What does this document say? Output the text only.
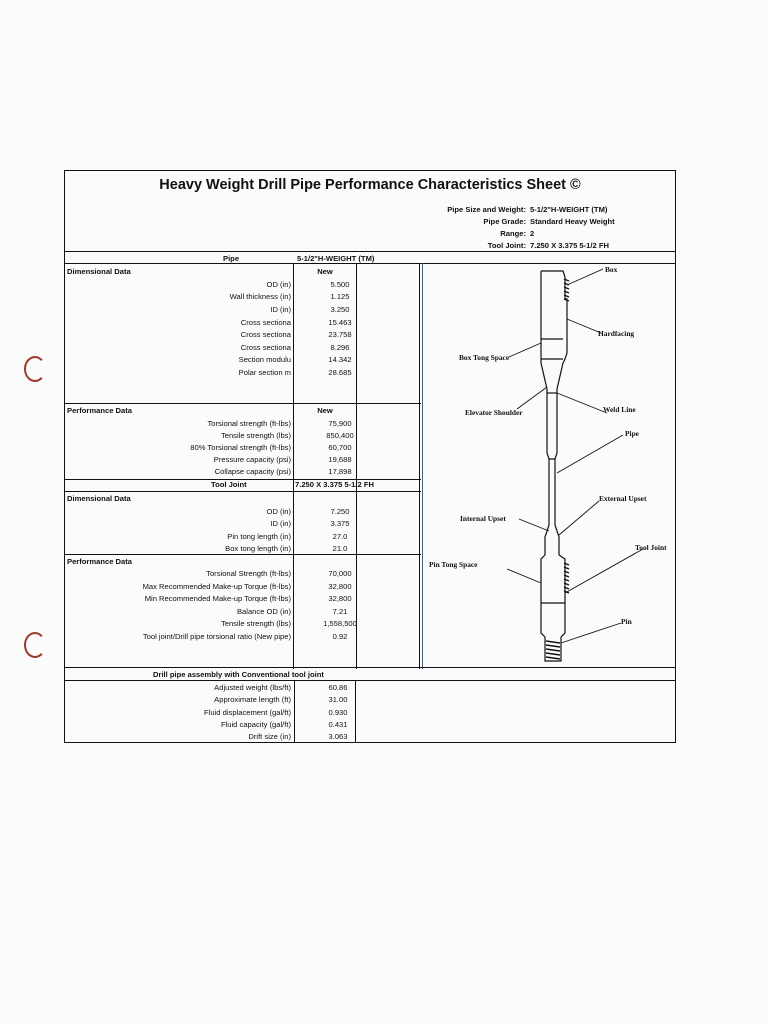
Heavy Weight Drill Pipe Performance Characteristics Sheet ©
Pipe Size and Weight: 5-1/2"H-WEIGHT (TM)
Pipe Grade: Standard Heavy Weight
Range: 2
Tool Joint: 7.250 X 3.375 5-1/2 FH
Pipe	5-1/2"H-WEIGHT (TM)
Dimensional Data	New
OD (in)	5.500
Wall thickness (in)	1.125
ID (in)	3.250
Cross sectiona	15.463
Cross sectiona	23.758
Cross sectiona	8.296
Section modulu	14.342
Polar section m	28.685
Performance Data	New
Torsional strength (ft-lbs)	75,900
Tensile strength (lbs)	850,400
80% Torsional strength (ft-lbs)	60,700
Pressure capacity (psi)	19,688
Collapse capacity (psi)	17,898
Tool Joint	7.250 X 3.375 5-1/2 FH
Dimensional Data
OD (in)	7.250
ID (in)	3.375
Pin tong length (in)	27.0
Box tong length (in)	21.0
Performance Data
Torsional Strength (ft-lbs)	70,000
Max Recommended Make-up Torque (ft-lbs)	32,800
Min Recommended Make-up Torque (ft-lbs)	32,800
Balance OD (in)	7.21
Tensile strength (lbs)	1,558,500
Tool joint/Drill pipe torsional ratio (New pipe)	0.92
Drill pipe assembly with Conventional tool joint
Adjusted weight (lbs/ft)	60.86
Approximate length (ft)	31.00
Fluid displacement (gal/ft)	0.930
Fluid capacity (gal/ft)	0.431
Drift size (in)	3.063
Box
Hardfacing
Box Tong Space
Elevator Shoulder	Weld Line
Pipe
External Upset
Internal Upset
Tool Joint
Pin Tong Space
Pin
